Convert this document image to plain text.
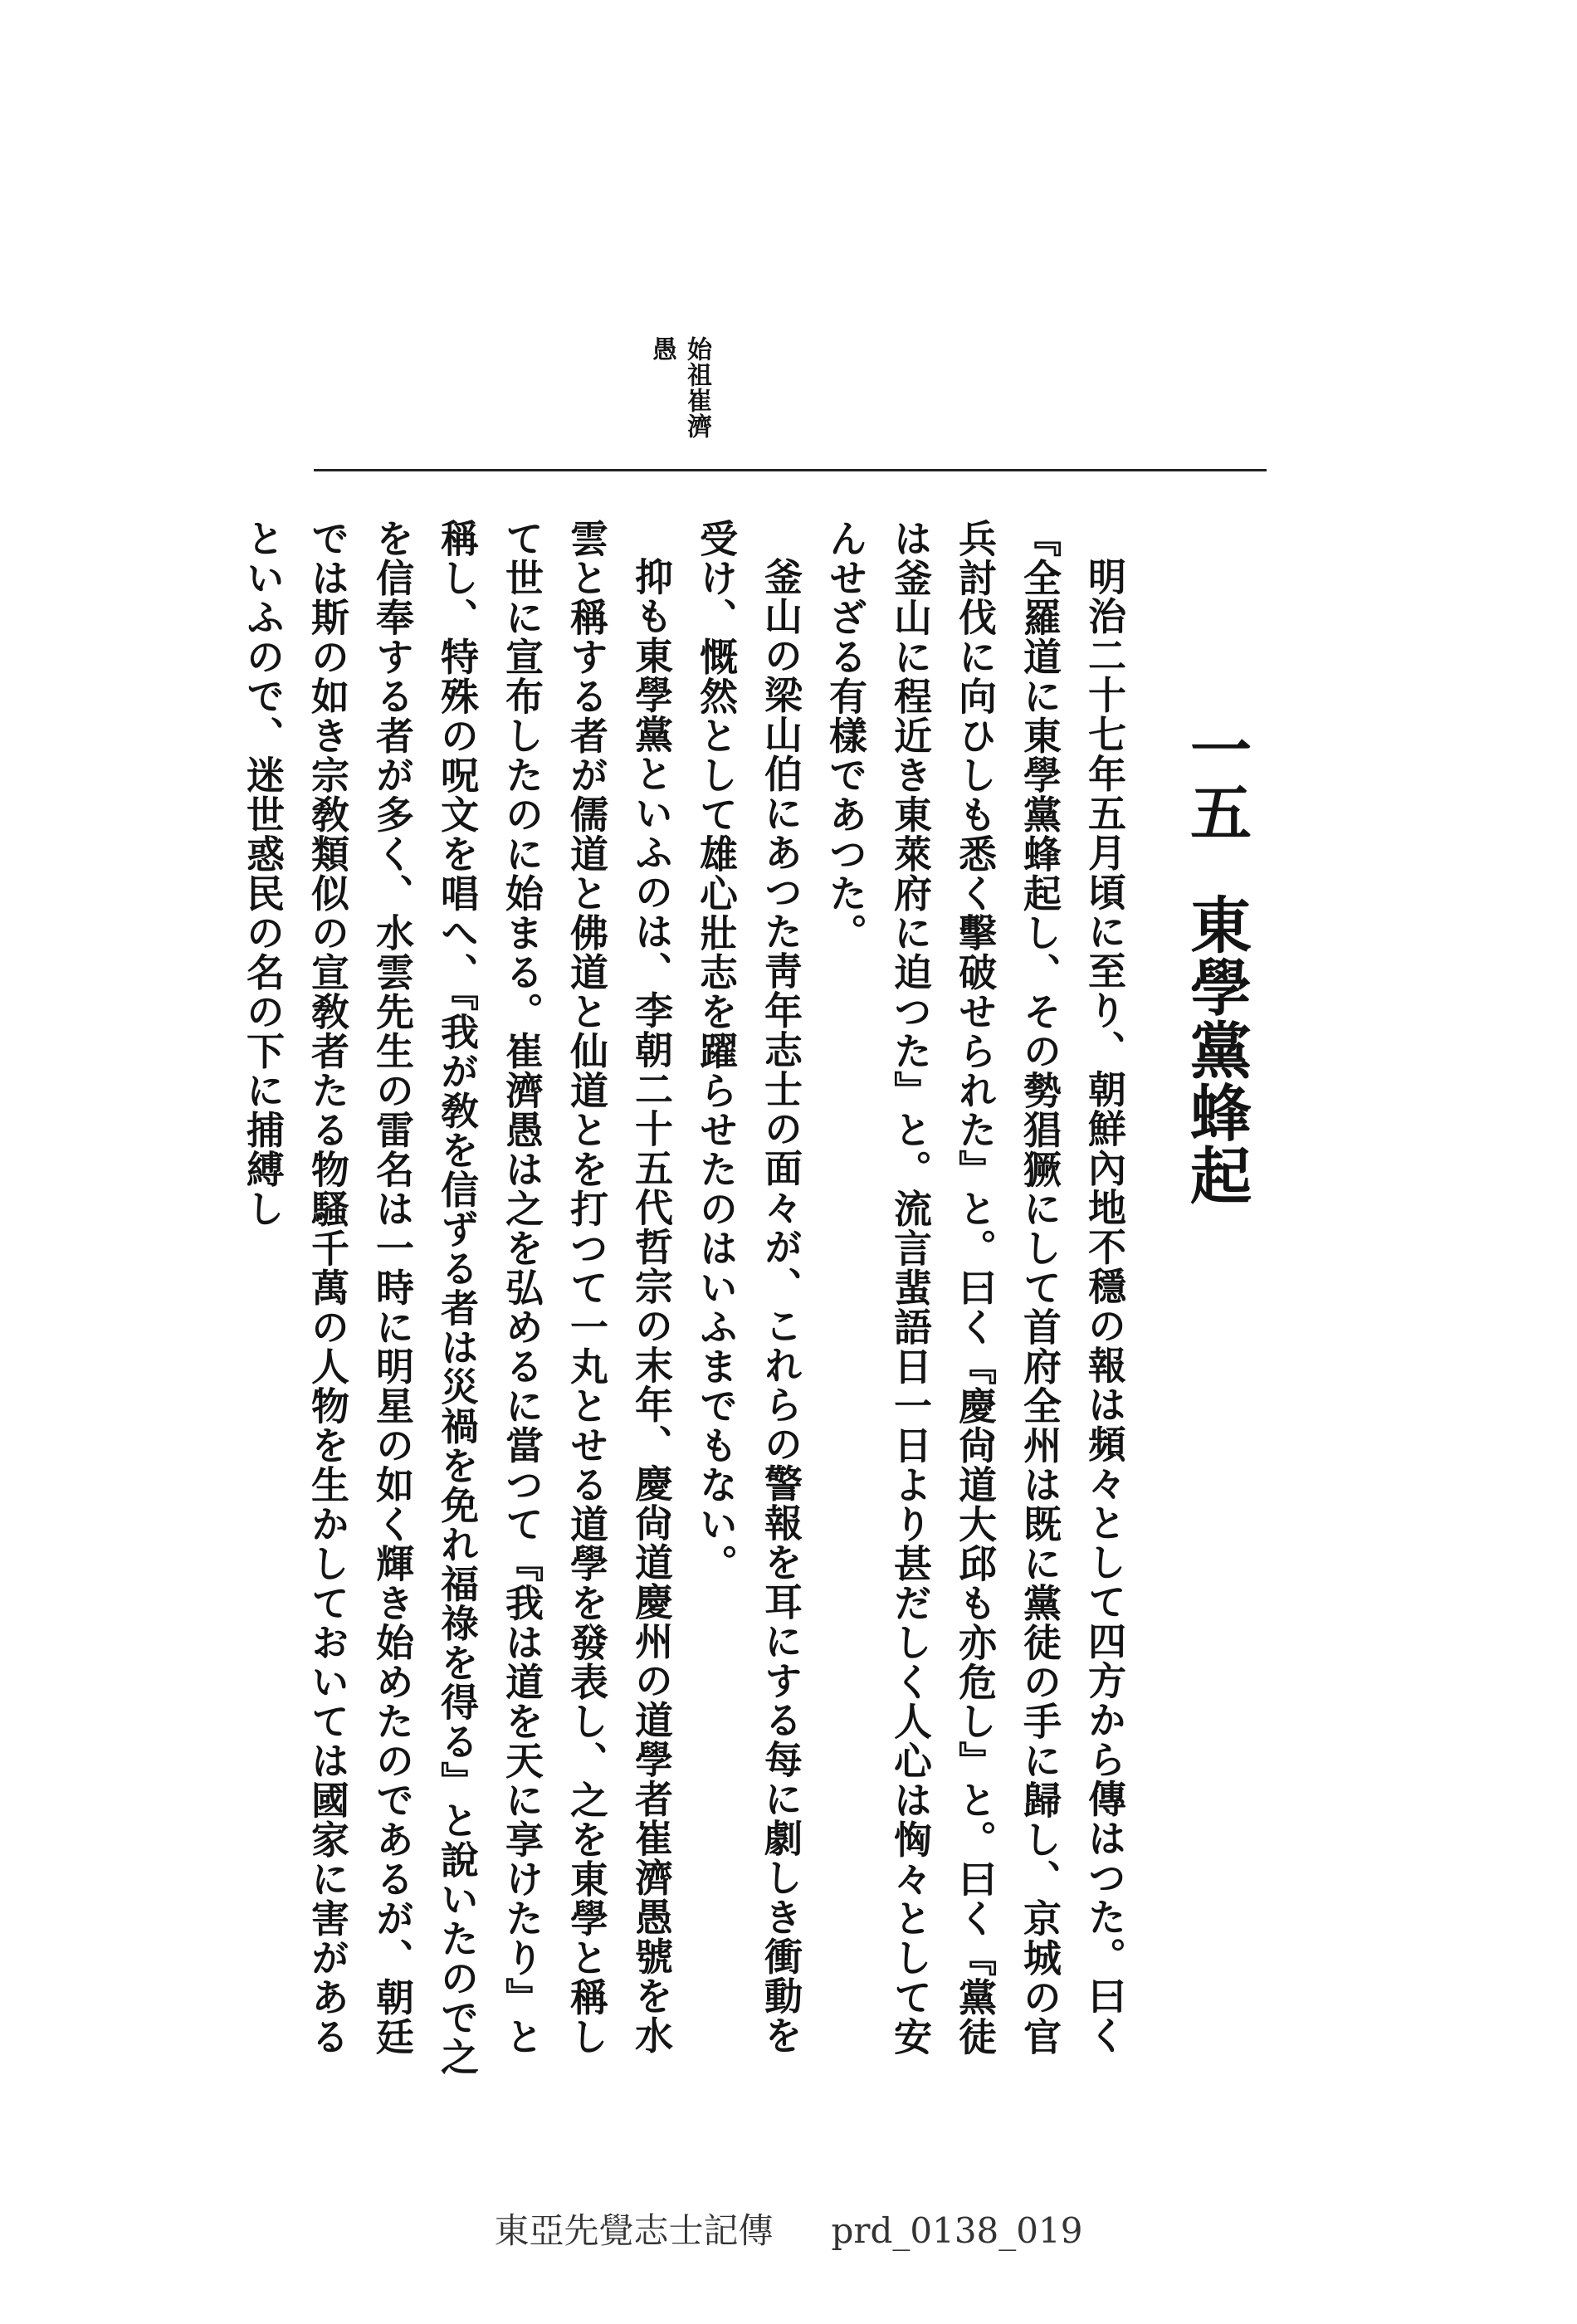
始祖崔濟愚
一五東學黨蜂起

明治二十七年五月頃に至り、朝鮮內地不穩の報は頻々として四方から傳はつた。曰く『全羅道に東學黨蜂起し、その勢猖獗にして首府全州は既に黨徒の手に歸し、京城の官兵討伐に向ひしも悉く擊破せられた』と。曰く『慶尙道大邱も亦危し』と。曰く『黨徒は釜山に程近き東萊府に迫つた』と。流言蜚語日一日より甚だしく人心は恟々として安んせざる有樣であつた。

釜山の梁山伯にあつた靑年志士の面々が、これらの警報を耳にする每に劇しき衝動を受け、慨然として雄心壯志を躍らせたのはいふまでもない。

抑も東學黨といふのは、李朝二十五代哲宗の末年、慶尙道慶州の道學者崔濟愚號を水雲と稱する者が儒道と佛道と仙道とを打つて一丸とせる道學を發表し、之を東學と稱して世に宣布したのに始まる。崔濟愚は之を弘めるに當つて『我は道を天に享けたり』と稱し、特殊の呪文を唱へ、『我が敎を信ずる者は災禍を免れ福祿を得る』と說いたので之を信奉する者が多く、水雲先生の雷名は一時に明星の如く輝き始めたのであるが、朝廷では斯の如き宗敎類似の宣敎者たる物騷千萬の人物を生かしておいては國家に害があるといふので、迷世惑民の名の下に捕縛し

東亞先覺志士記傳 prd_0138_019
